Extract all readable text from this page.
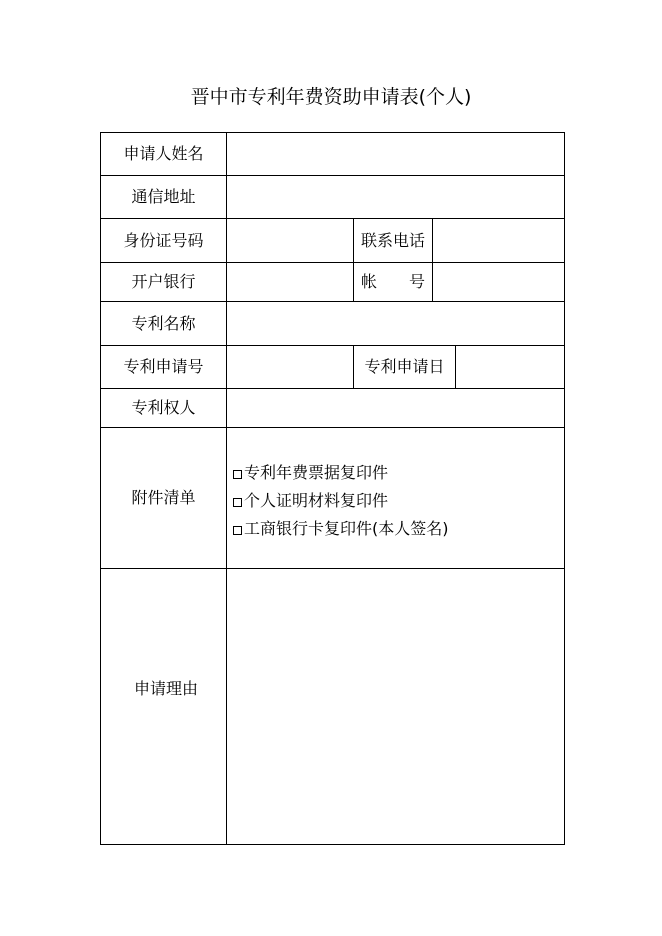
晋中市专利年费资助申请表(个人)
申请人姓名
通信地址
身份证号码	联系电话
开户银行	帐 号
专利名称
专利申请号	专利申请日
专利权人
附件清单
专利年费票据复印件
个人证明材料复印件
工商银行卡复印件(本人签名)
申请理由
